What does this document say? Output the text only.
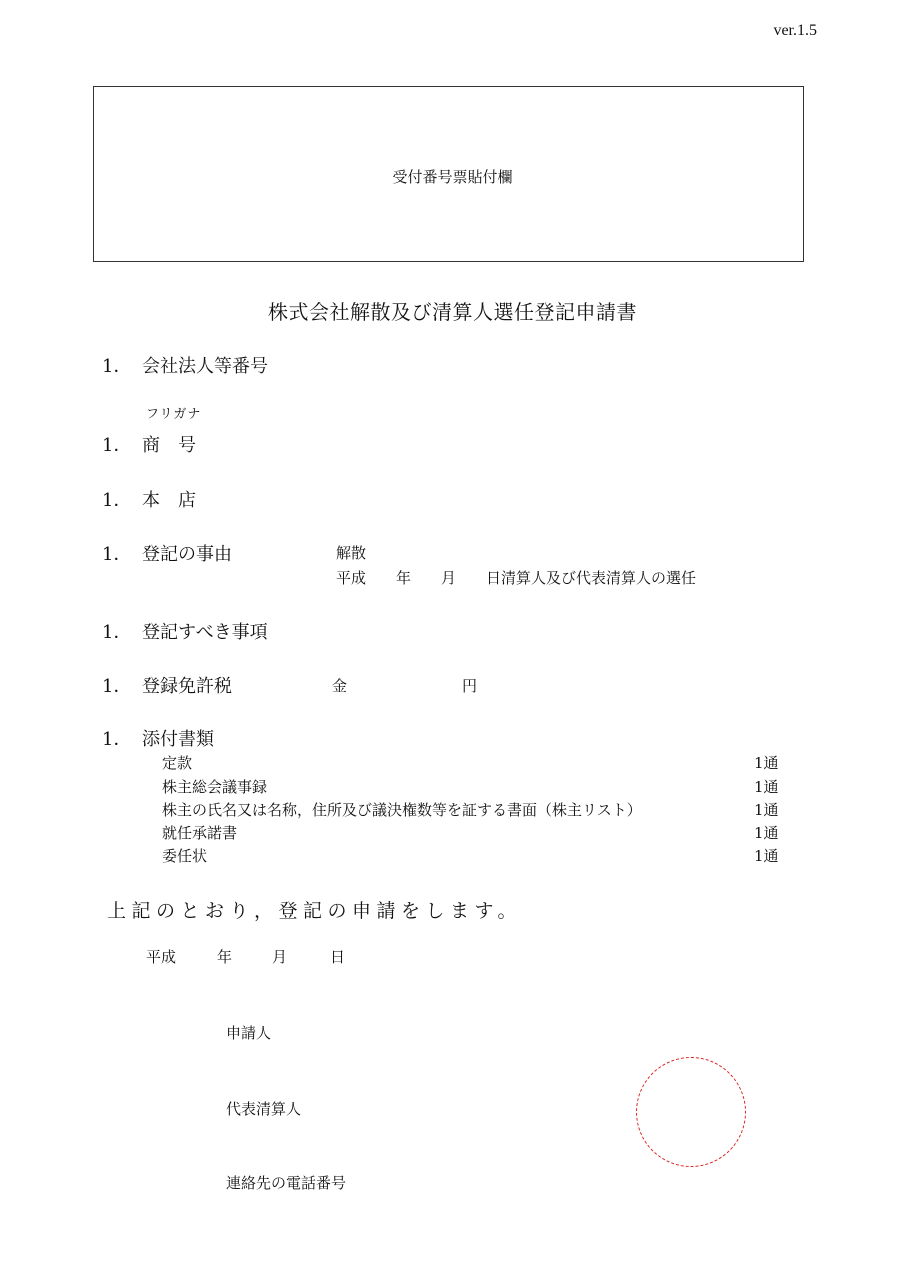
ver.1.5
受付番号票貼付欄
株式会社解散及び清算人選任登記申請書
1． 会社法人等番号
フリガナ
1． 商　号
1． 本　店
1． 登記の事由	解散
平成　　年　　月　　日清算人及び代表清算人の選任
1． 登記すべき事項
1． 登録免許税	金	円
1． 添付書類
定款	1通
株主総会議事録	1通
株主の氏名又は名称，住所及び議決権数等を証する書面（株主リスト）	1通
就任承諾書	1通
委任状	1通
上記のとおり，登記の申請をします。
平成	年	月	日
申請人
代表清算人
連絡先の電話番号
